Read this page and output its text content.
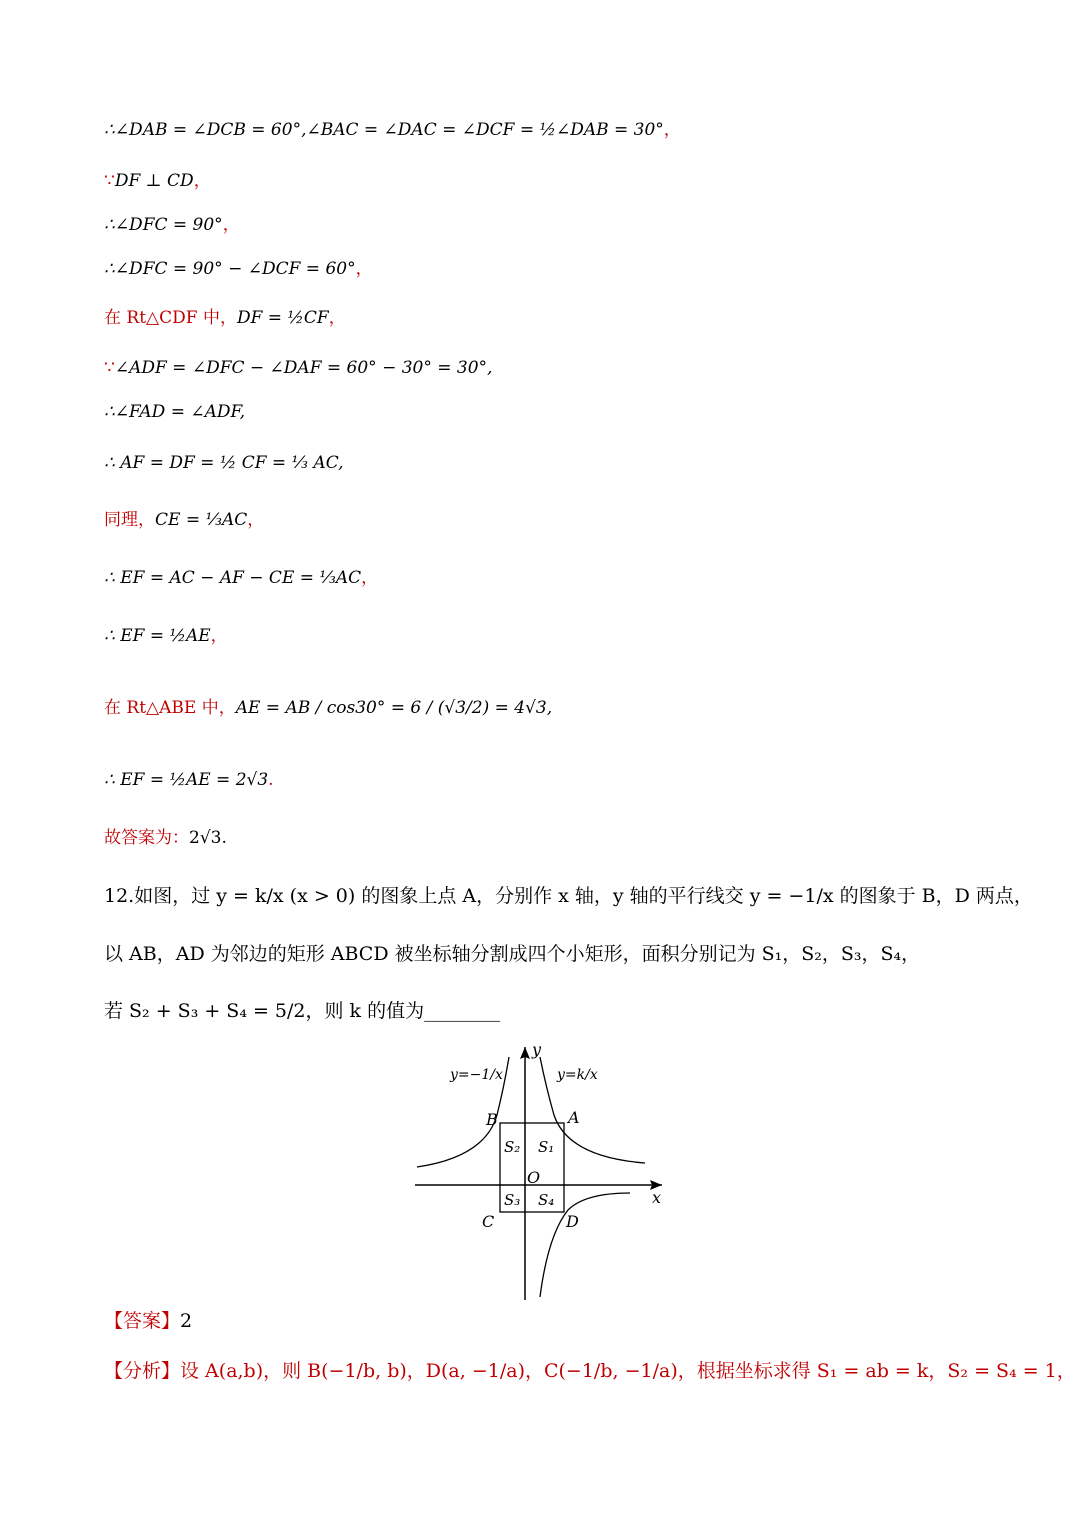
∴∠DAB = ∠DCB = 60°,∠BAC = ∠DAC = ∠DCF = ½∠DAB = 30°，
∵DF ⊥ CD，
∴∠DFC = 90°，
∴∠DFC = 90° − ∠DCF = 60°，
在 Rt△CDF 中，DF = ½CF，
∵∠ADF = ∠DFC − ∠DAF = 60° − 30° = 30°,
∴∠FAD = ∠ADF,
∴ AF = DF = ½ CF = ⅓ AC,
同理，CE = ⅓AC，
∴ EF = AC − AF − CE = ⅓AC，
∴ EF = ½AE，
在 Rt△ABE 中，AE = AB / cos30° = 6 / (√3/2) = 4√3,
∴ EF = ½AE = 2√3.
故答案为：2√3.
12.如图，过 y = k/x (x > 0) 的图象上点 A，分别作 x 轴，y 轴的平行线交 y = −1/x 的图象于 B，D 两点，
以 AB，AD 为邻边的矩形 ABCD 被坐标轴分割成四个小矩形，面积分别记为 S₁，S₂，S₃，S₄，
若 S₂ + S₃ + S₄ = 5/2，则 k 的值为________
y=−1/x	y=k/x
y
x
O
A
B
C	D
S₁
S₂
S₃ S₄
【答案】2
【分析】设 A(a,b)，则 B(−1/b, b)，D(a, −1/a)，C(−1/b, −1/a)，根据坐标求得 S₁ = ab = k，S₂ = S₄ = 1，
